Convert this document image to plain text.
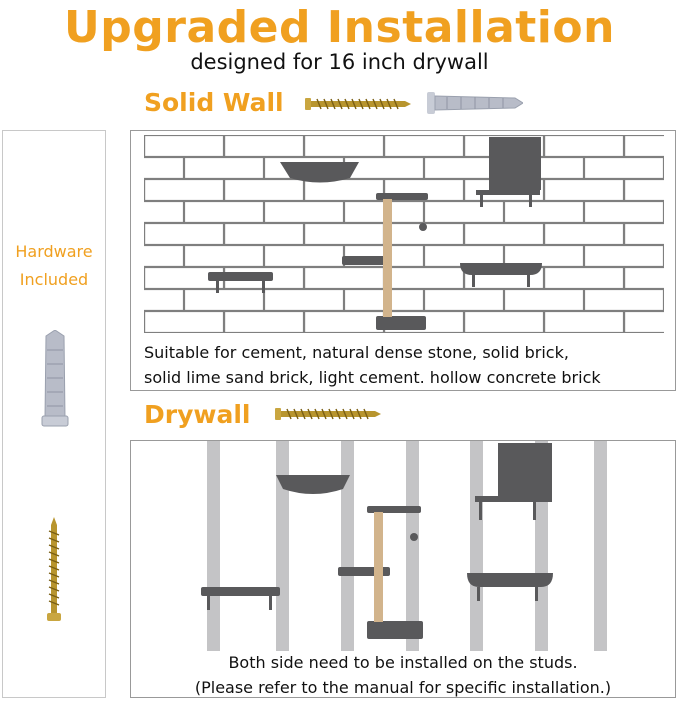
Upgraded Installation
designed for 16 inch drywall
Solid Wall
Hardware
Included
Suitable for cement, natural dense stone, solid brick,
solid lime sand brick, light cement. hollow concrete brick
Drywall
Both side need to be installed on the studs.
(Please refer to the manual for specific installation.)
